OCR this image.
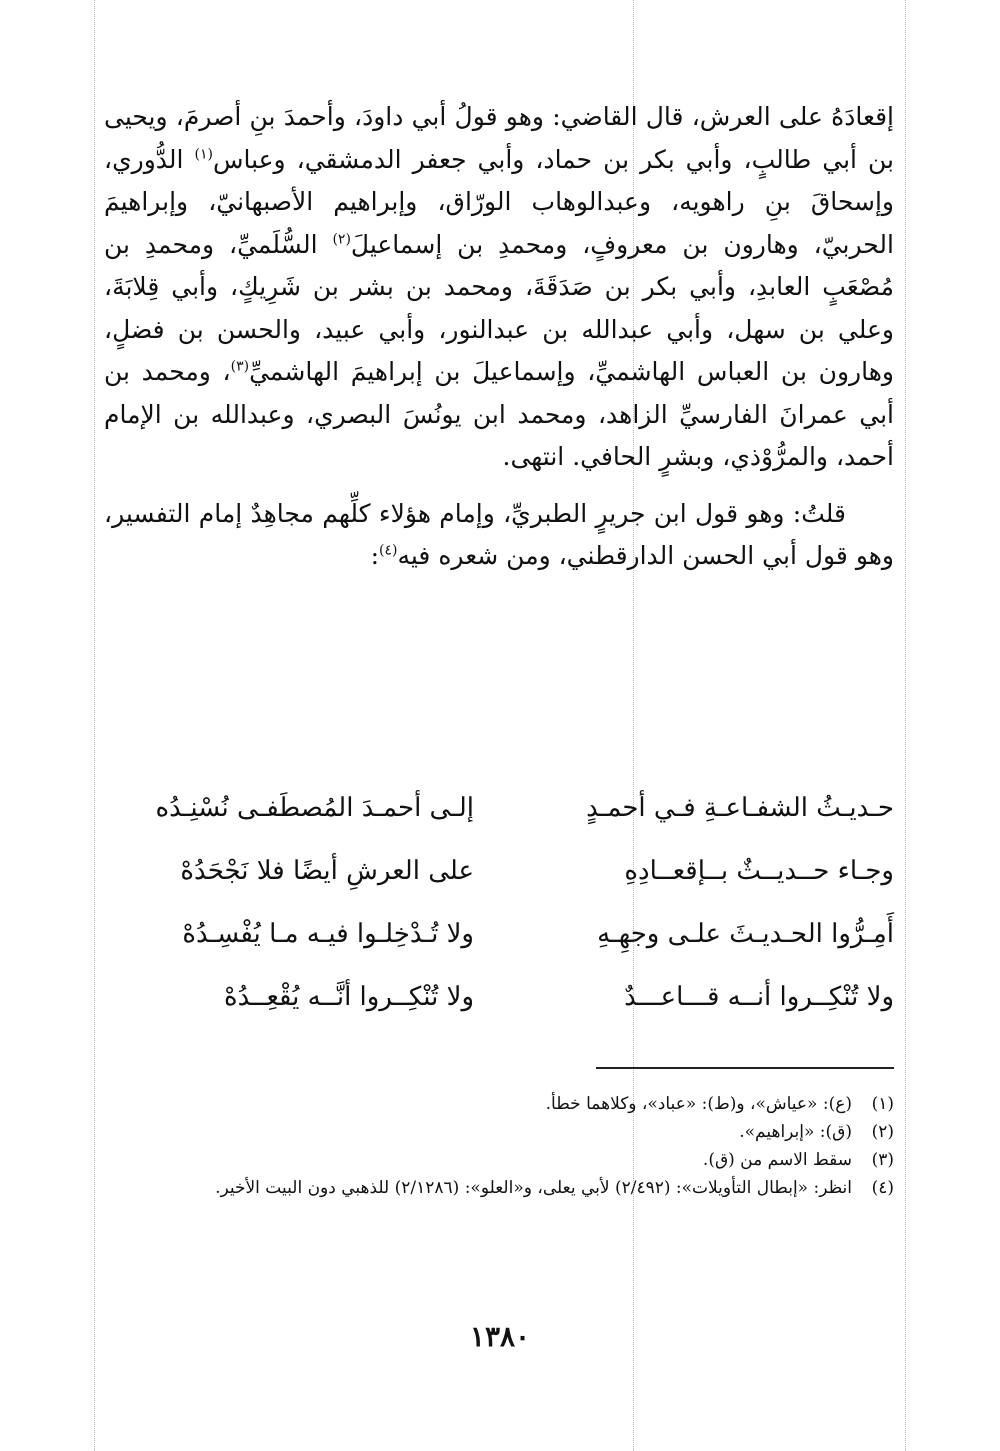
إقعادَهُ على العرش، قال القاضي: وهو قولُ أبي داودَ، وأحمدَ بنِ أصرمَ، ويحيى بن أبي طالبٍ، وأبي بكر بن حماد، وأبي جعفر الدمشقي، وعباس$^{(١)}$ الدُّوري، وإسحاقَ بنِ راهويه، وعبدالوهاب الورّاق، وإبراهيم الأصبهانيّ، وإبراهيمَ الحربيّ، وهارون بن معروفٍ، ومحمدِ بن إسماعيلَ$^{(٢)}$ السُّلَميِّ، ومحمدِ بن مُصْعَبٍ العابدِ، وأبي بكر بن صَدَقَةَ، ومحمد بن بشر بن شَرِيكٍ، وأبي قِلابَةَ، وعلي بن سهل، وأبي عبدالله بن عبدالنور، وأبي عبيد، والحسن بن فضلٍ، وهارون بن العباس الهاشميِّ، وإسماعيلَ بن إبراهيمَ الهاشميِّ$^{(٣)}$، ومحمد بن أبي عمرانَ الفارسيِّ الزاهد، ومحمد ابن يونُسَ البصري، وعبدالله بن الإمام أحمد، والمرُّوْذي، وبشرٍ الحافي. انتهى.

قلتُ: وهو قول ابن جريرٍ الطبريِّ، وإمام هؤلاء كلِّهم مجاهِدٌ إمام التفسير، وهو قول أبي الحسن الدارقطني، ومن شعره فيه$^{(٤)}$:

حـديـثُ الشفـاعـةِ فـي أحمـدٍ
إلـى أحمـدَ المُصطَفـى نُسْنِـدُه
وجـاء حــديــثٌ بــإقعــادِهِ
على العرشِ أيضًا فلا نَجْحَدُهْ
أَمِـرُّوا الحـديـثَ علـى وجهِـهِ
ولا تُـدْخِلـوا فيـه مـا يُفْسِـدُهْ
ولا تُنْكِــروا أنــه قـــاعـــدٌ
ولا تُنْكِــروا أنَّــه يُقْعِــدُهْ
(١)
(ع): «عياش»، و(ط): «عباد»، وكلاهما خطأ.
(٢)
(ق): «إبراهيم».
(٣)
سقط الاسم من (ق).
(٤)
انظر: «إبطال التأويلات»: (٢/٤٩٢) لأبي يعلى، و«العلو»: (٢/١٢٨٦) للذهبي دون البيت الأخير.
١٣٨٠
